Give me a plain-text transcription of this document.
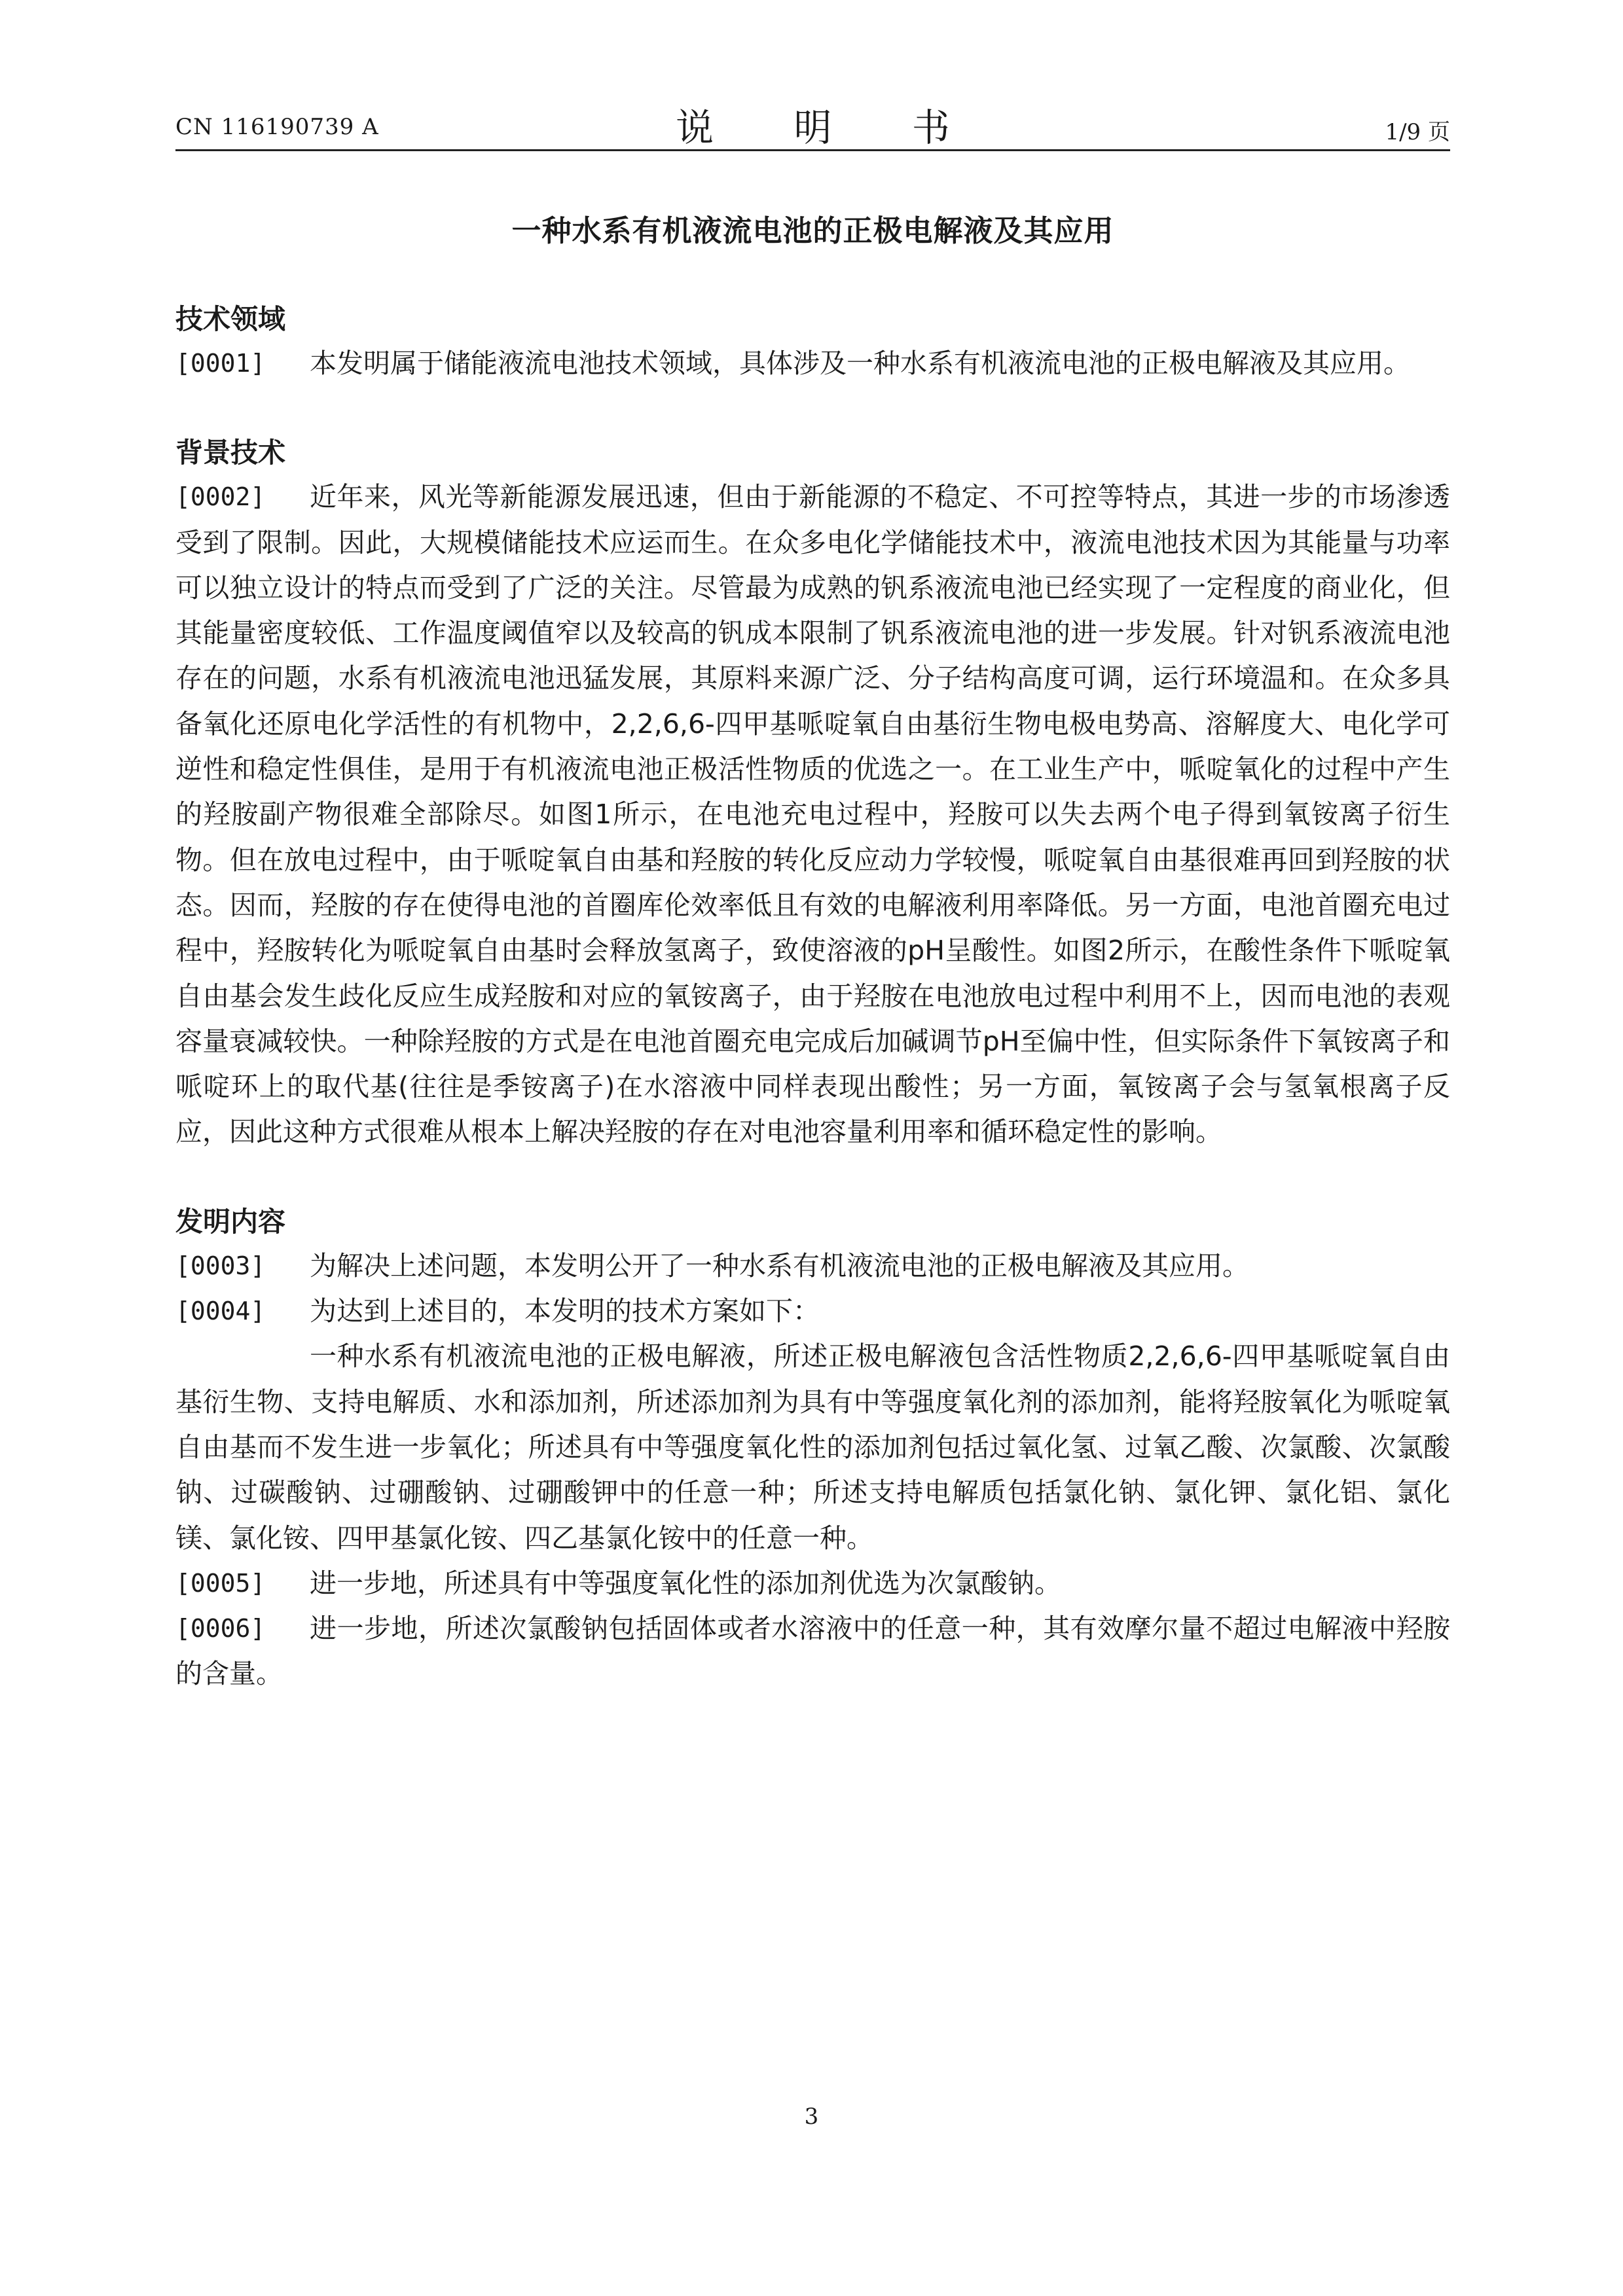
CN 116190739 A	说 明 书	1/9 页
一种水系有机液流电池的正极电解液及其应用
技术领域
[0001] 本发明属于储能液流电池技术领域，具体涉及一种水系有机液流电池的正极电解液及其应用。
背景技术
[0002] 近年来，风光等新能源发展迅速，但由于新能源的不稳定、不可控等特点，其进一步的市场渗透受到了限制。因此，大规模储能技术应运而生。在众多电化学储能技术中，液流电池技术因为其能量与功率可以独立设计的特点而受到了广泛的关注。尽管最为成熟的钒系液流电池已经实现了一定程度的商业化，但其能量密度较低、工作温度阈值窄以及较高的钒成本限制了钒系液流电池的进一步发展。针对钒系液流电池存在的问题，水系有机液流电池迅猛发展，其原料来源广泛、分子结构高度可调，运行环境温和。在众多具备氧化还原电化学活性的有机物中，2,2,6,6-四甲基哌啶氧自由基衍生物电极电势高、溶解度大、电化学可逆性和稳定性俱佳，是用于有机液流电池正极活性物质的优选之一。在工业生产中，哌啶氧化的过程中产生的羟胺副产物很难全部除尽。如图1所示，在电池充电过程中，羟胺可以失去两个电子得到氧铵离子衍生物。但在放电过程中，由于哌啶氧自由基和羟胺的转化反应动力学较慢，哌啶氧自由基很难再回到羟胺的状态。因而，羟胺的存在使得电池的首圈库伦效率低且有效的电解液利用率降低。另一方面，电池首圈充电过程中，羟胺转化为哌啶氧自由基时会释放氢离子，致使溶液的pH呈酸性。如图2所示，在酸性条件下哌啶氧自由基会发生歧化反应生成羟胺和对应的氧铵离子，由于羟胺在电池放电过程中利用不上，因而电池的表观容量衰减较快。一种除羟胺的方式是在电池首圈充电完成后加碱调节pH至偏中性，但实际条件下氧铵离子和哌啶环上的取代基(往往是季铵离子)在水溶液中同样表现出酸性；另一方面，氧铵离子会与氢氧根离子反应，因此这种方式很难从根本上解决羟胺的存在对电池容量利用率和循环稳定性的影响。
发明内容
[0003] 为解决上述问题，本发明公开了一种水系有机液流电池的正极电解液及其应用。
[0004] 为达到上述目的，本发明的技术方案如下：
一种水系有机液流电池的正极电解液，所述正极电解液包含活性物质2,2,6,6-四甲基哌啶氧自由基衍生物、支持电解质、水和添加剂，所述添加剂为具有中等强度氧化剂的添加剂，能将羟胺氧化为哌啶氧自由基而不发生进一步氧化；所述具有中等强度氧化性的添加剂包括过氧化氢、过氧乙酸、次氯酸、次氯酸钠、过碳酸钠、过硼酸钠、过硼酸钾中的任意一种；所述支持电解质包括氯化钠、氯化钾、氯化铝、氯化镁、氯化铵、四甲基氯化铵、四乙基氯化铵中的任意一种。
[0005] 进一步地，所述具有中等强度氧化性的添加剂优选为次氯酸钠。
[0006] 进一步地，所述次氯酸钠包括固体或者水溶液中的任意一种，其有效摩尔量不超过电解液中羟胺的含量。
3
